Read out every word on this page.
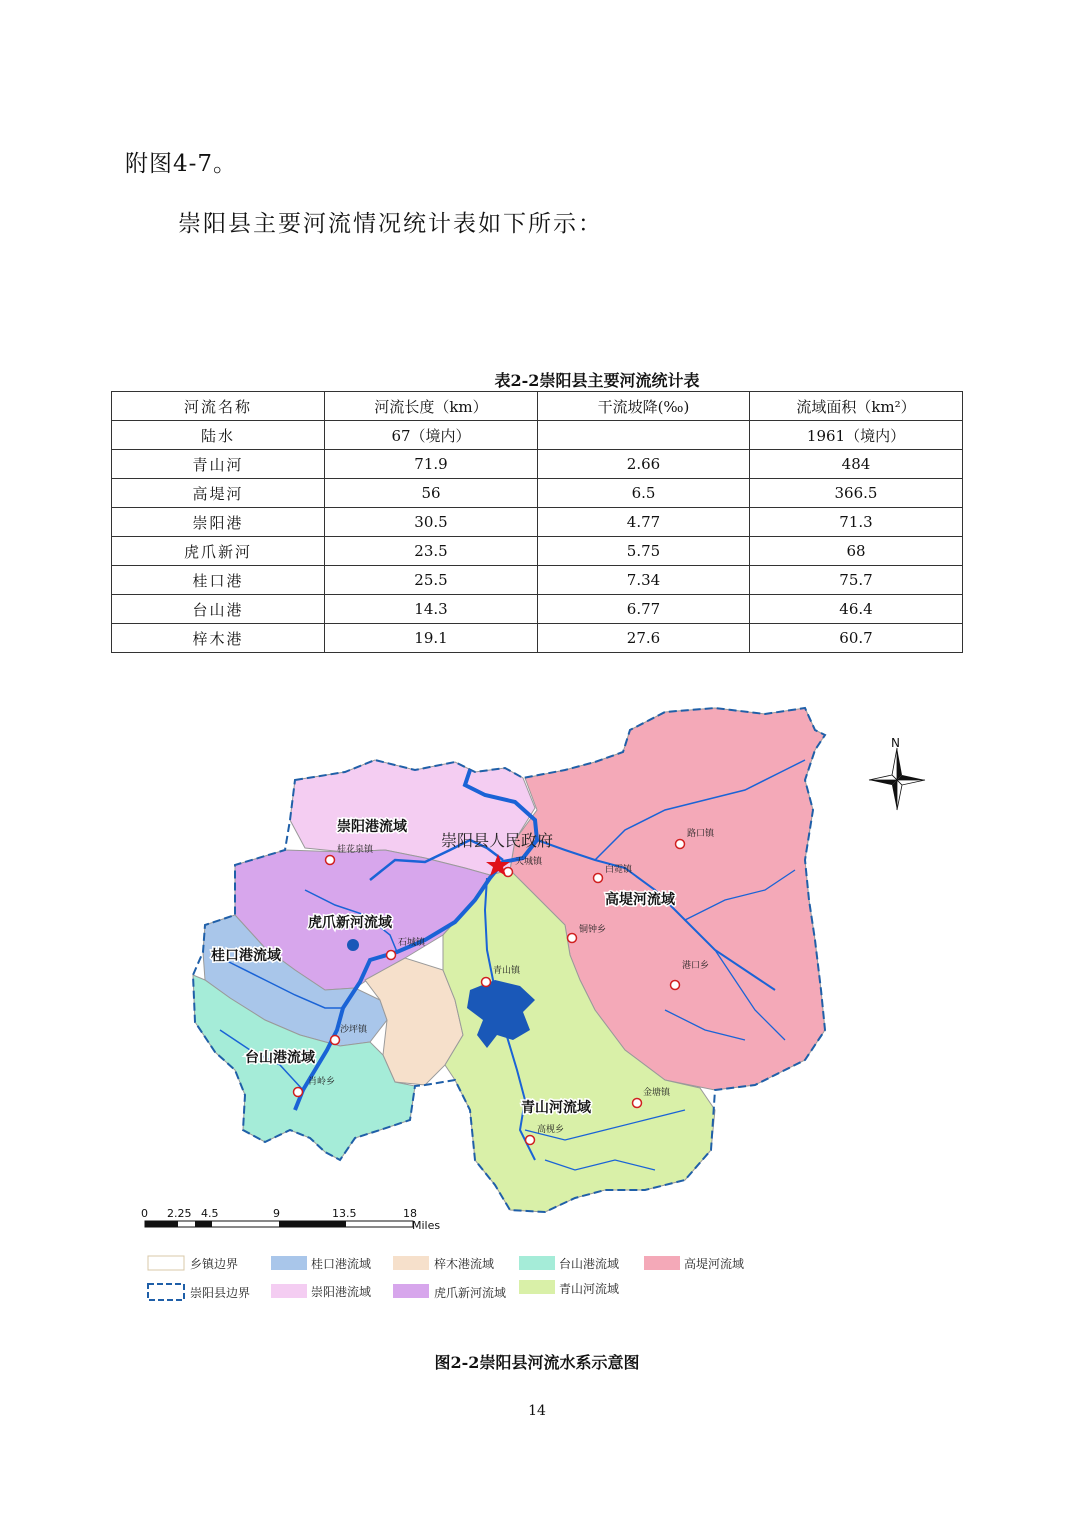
附图4-7。
崇阳县主要河流情况统计表如下所示：
表2-2崇阳县主要河流统计表
河流名称	河流长度（km）	干流坡降(‰)	流域面积（km²）
陆水	67（境内）		1961（境内）
青山河	71.9	2.66	484
高堤河	56	6.5	366.5
崇阳港	30.5	4.77	71.3
虎爪新河	23.5	5.75	68
桂口港	25.5	7.34	75.7
台山港	14.3	6.77	46.4
梓木港	19.1	27.6	60.7
天城镇
桂花泉镇
石城镇
沙坪镇
肖岭乡
青山镇
白霓镇
路口镇
铜钟乡
港口乡
金塘镇
高枧乡
崇阳县人民政府
崇阳港流域
虎爪新河流域
桂口港流域
台山港流域
高堤河流域
青山河流域
N
0 2.25 4.5	9	13.5	18
Miles
乡镇边界	桂口港流域	梓木港流域	台山港流域	高堤河流域
崇阳县边界	崇阳港流域	虎爪新河流域	青山河流域
图2-2崇阳县河流水系示意图
14
